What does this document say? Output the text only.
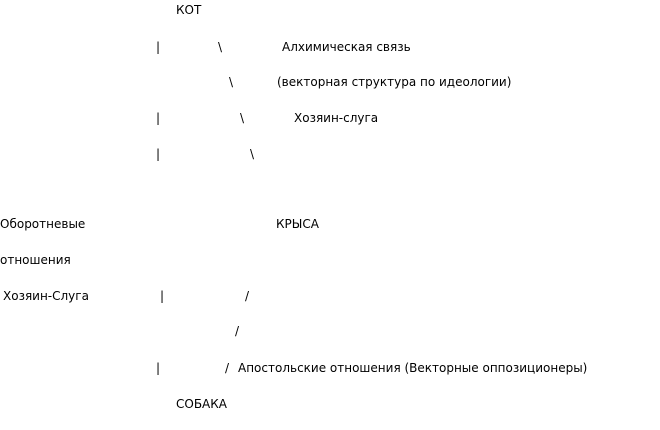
КОТ
|	\	Алхимическая связь
\	(векторная структура по идеологии)
|	\	Хозяин-слуга
|	\
Оборотневые	КРЫСА
отношения
Хозяин-Слуга	|	/
/
|	/ Апостольские отношения (Векторные оппозиционеры)
СОБАКА
